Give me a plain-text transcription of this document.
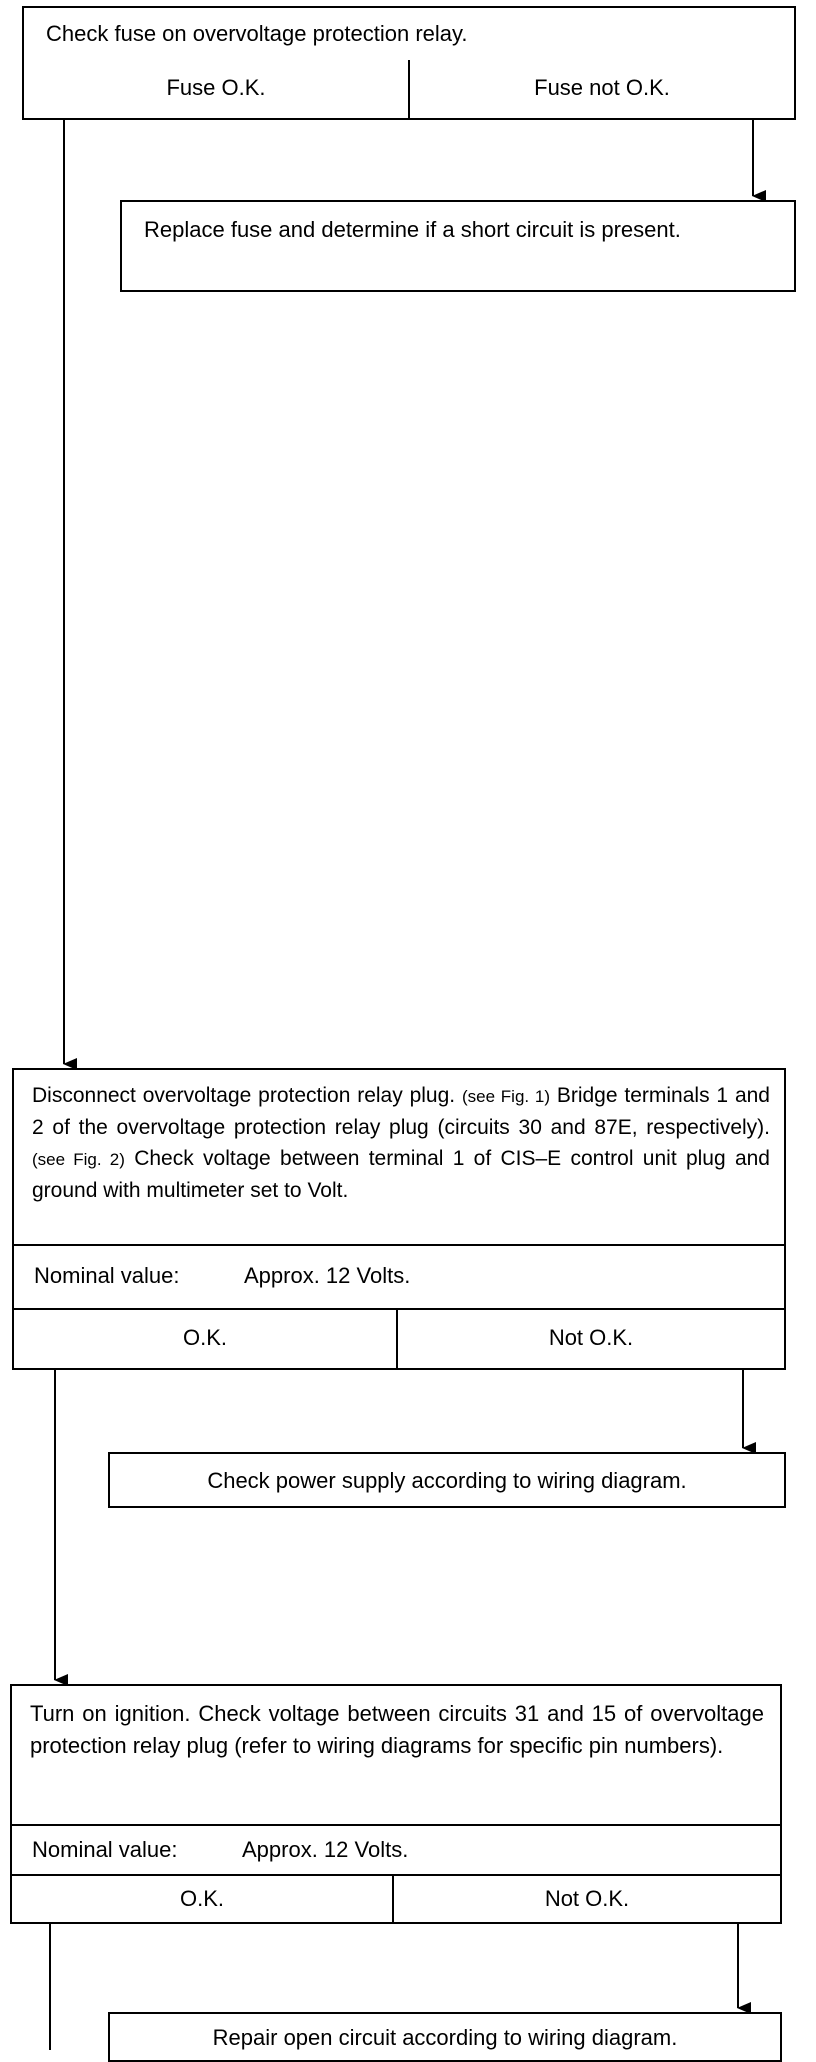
Check fuse on overvoltage protection relay.
Fuse O.K.	Fuse not O.K.
Replace fuse and determine if a short circuit is present.
Disconnect overvoltage protection relay plug. (see Fig. 1) Bridge terminals 1 and 2 of the overvoltage protection relay plug (circuits 30 and 87E, respectively). (see Fig. 2) Check voltage between terminal 1 of CIS–E control unit plug and ground with multimeter set to Volt.
Nominal value:	Approx. 12 Volts.
O.K.	Not O.K.
Check power supply according to wiring diagram.
Turn on ignition. Check voltage between circuits 31 and 15 of overvoltage protection relay plug (refer to wiring diagrams for specific pin numbers).
Nominal value:	Approx. 12 Volts.
O.K.	Not O.K.
Repair open circuit according to wiring diagram.
